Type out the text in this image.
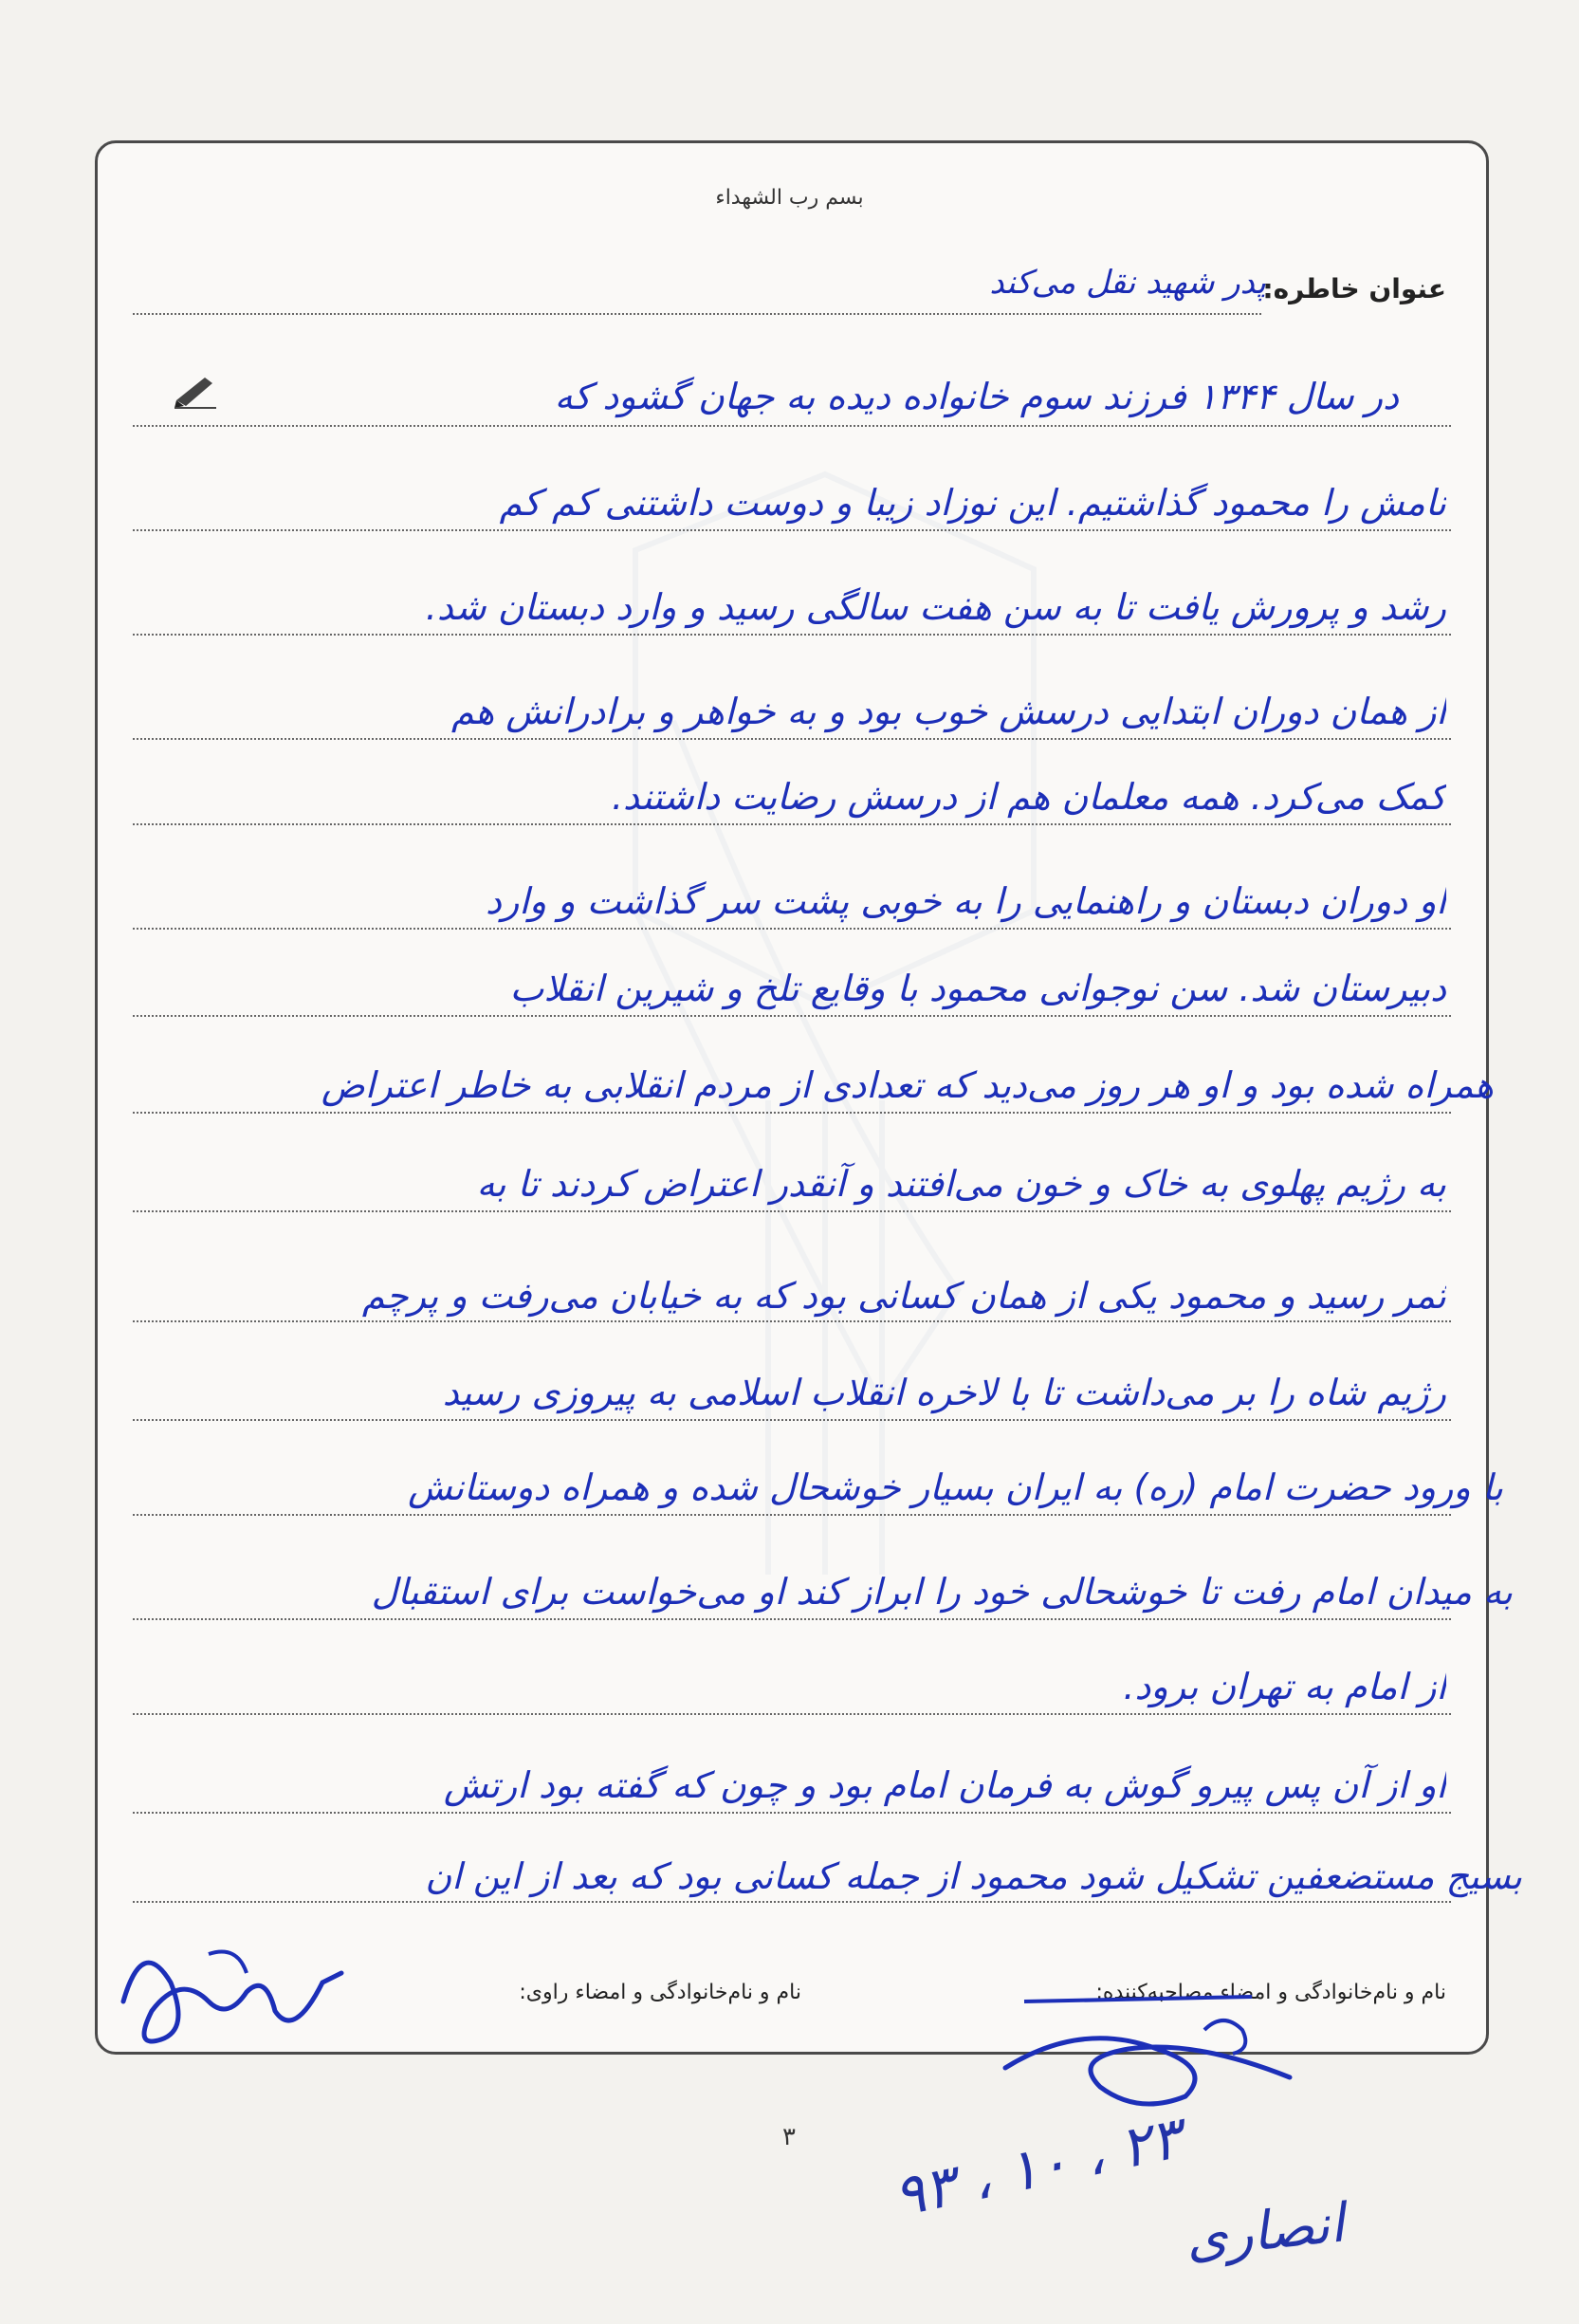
بسم رب الشهداء
عنوان خاطره:
پدر شهید نقل می‌کند
در سال ۱۳۴۴ فرزند سوم خانواده دیده به جهان گشود که
نامش را محمود گذاشتیم. این نوزاد زیبا و دوست داشتنی کم کم
رشد و پرورش یافت تا به سن هفت سالگی رسید و وارد دبستان شد.
از همان دوران ابتدایی درسش خوب بود و به خواهر و برادرانش هم
کمک می‌کرد. همه معلمان هم از درسش رضایت داشتند.
او دوران دبستان و راهنمایی را به خوبی پشت سر گذاشت و وارد
دبیرستان شد. سن نوجوانی محمود با وقایع تلخ و شیرین انقلاب
همراه شده بود و او هر روز می‌دید که تعدادی از مردم انقلابی به خاطر اعتراض
به رژیم پهلوی به خاک و خون می‌افتند و آنقدر اعتراض کردند تا به
ثمر رسید و محمود یکی از همان کسانی بود که به خیابان می‌رفت و پرچم
رژیم شاه را بر می‌داشت تا با لاخره انقلاب اسلامی به پیروزی رسید
با ورود حضرت امام (ره) به ایران بسیار خوشحال شده و همراه دوستانش
به میدان امام رفت تا خوشحالی خود را ابراز کند او می‌خواست برای استقبال
از امام به تهران برود.
او از آن پس پیرو گوش به فرمان امام بود و چون که گفته بود ارتش
بسیج مستضعفین تشکیل شود محمود از جمله کسانی بود که بعد از این ان
نام و نام‌خانوادگی و امضاء مصاحبه‌کننده:
نام و نام‌خانوادگی و امضاء راوی:
۳
۲۳ ، ۱۰ ، ۹۳
انصاری
